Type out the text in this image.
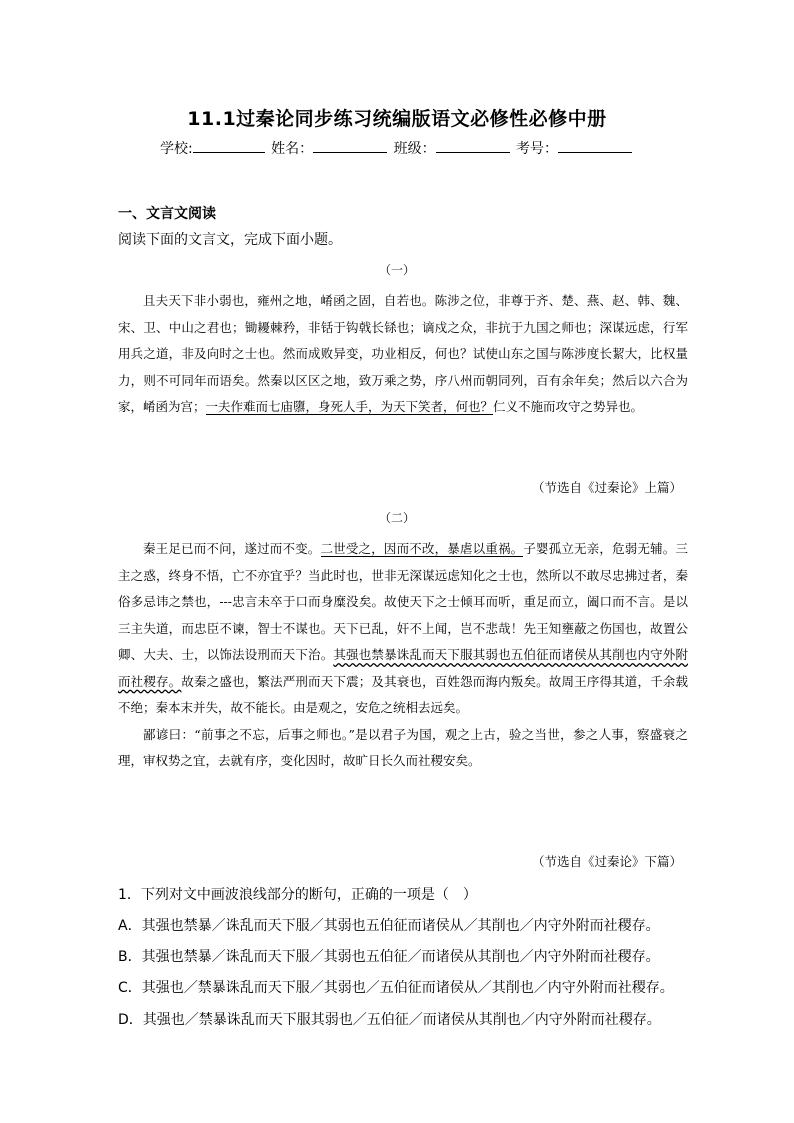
11.1过秦论同步练习统编版语文必修性必修中册
学校:	姓名：	班级：	考号：
一、文言文阅读
阅读下面的文言文，完成下面小题。
（一）

且夫天下非小弱也，雍州之地，崤函之固，自若也。陈涉之位，非尊于齐、楚、燕、赵、韩、魏、宋、卫、中山之君也；锄耰棘矜，非铦于钩戟长铩也；谪戍之众，非抗于九国之师也；深谋远虑，行军用兵之道，非及向时之士也。然而成败异变，功业相反，何也？试使山东之国与陈涉度长絜大，比权量力，则不可同年而语矣。然秦以区区之地，致万乘之势，序八州而朝同列，百有余年矣；然后以六合为家，崤函为宫；一夫作难而七庙隳，身死人手，为天下笑者，何也？仁义不施而攻守之势异也。

（节选自《过秦论》上篇）
（二）

秦王足已而不问，遂过而不变。二世受之，因而不改，暴虐以重祸。子婴孤立无亲，危弱无辅。三主之惑，终身不悟，亡不亦宜乎？当此时也，世非无深谋远虑知化之士也，然所以不敢尽忠拂过者，秦俗多忌讳之禁也，---忠言未卒于口而身糜没矣。故使天下之士倾耳而听，重足而立，阖口而不言。是以三主失道，而忠臣不谏，智士不谋也。天下已乱，奸不上闻，岂不悲哉！先王知壅蔽之伤国也，故置公卿、大夫、士，以饰法设刑而天下治。其强也禁暴诛乱而天下服其弱也五伯征而诸侯从其削也内守外附而社稷存。故秦之盛也，繁法严刑而天下震；及其衰也，百姓怨而海内叛矣。故周王序得其道，千余载不绝；秦本末并失，故不能长。由是观之，安危之统相去远矣。

鄙谚曰：“前事之不忘，后事之师也。”是以君子为国，观之上古，验之当世，参之人事，察盛衰之理，审权势之宜，去就有序，变化因时，故旷日长久而社稷安矣。

（节选自《过秦论》下篇）
1．下列对文中画波浪线部分的断句，正确的一项是（　）
A．其强也禁暴／诛乱而天下服／其弱也五伯征而诸侯从／其削也／内守外附而社稷存。
B．其强也禁暴／诛乱而天下服／其弱也五伯征／而诸侯从其削也／内守外附而社稷存。
C．其强也／禁暴诛乱而天下服／其弱也／五伯征而诸侯从／其削也／内守外附而社稷存。
D．其强也／禁暴诛乱而天下服其弱也／五伯征／而诸侯从其削也／内守外附而社稷存。
